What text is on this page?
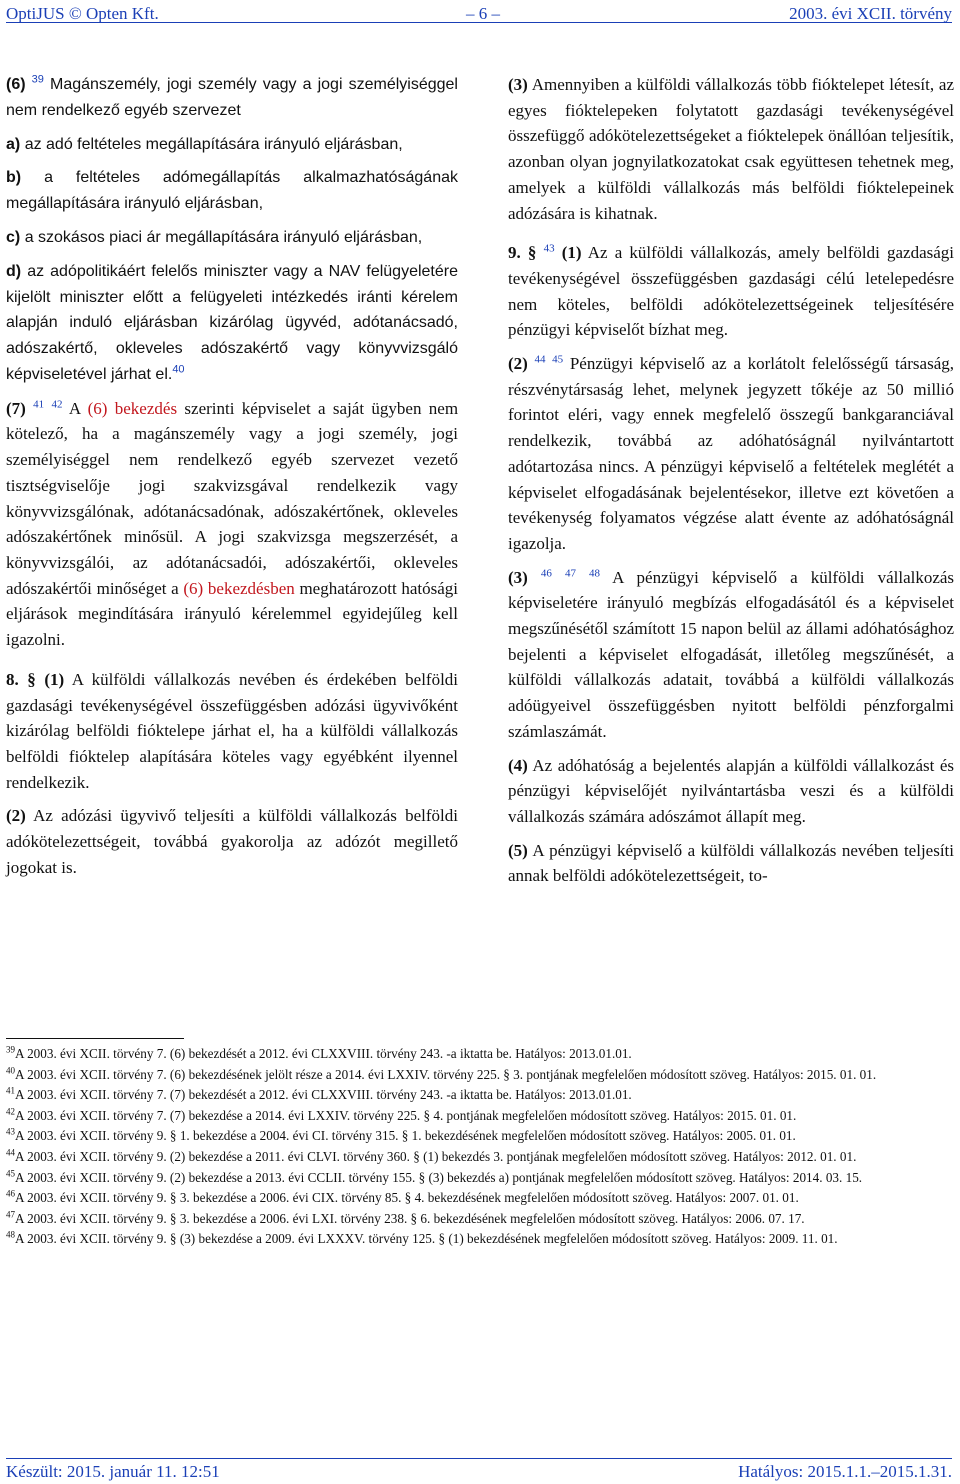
OptiJUS © Opten Kft.	– 6 –	2003. évi XCII. törvény

(6) $^{39}$ Magánszemély, jogi személy vagy a jogi személyiséggel nem rendelkező egyéb szervezet

a) az adó feltételes megállapítására irányuló eljárásban,

b) a feltételes adómegállapítás alkalmazhatóságának megállapítására irányuló eljárásban,

c) a szokásos piaci ár megállapítására irányuló eljárásban,

d) az adópolitikáért felelős miniszter vagy a NAV felügyeletére kijelölt miniszter előtt a felügyeleti intézkedés iránti kérelem alapján induló eljárásban kizárólag ügyvéd, adótanácsadó, adószakértő, okleveles adószakértő vagy könyvvizsgáló képviseletével járhat el.$^{40}$

(7) $^{41}$ $^{42}$ A (6) bekezdés szerinti képviselet a saját ügyben nem kötelező, ha a magánszemély vagy a jogi személy, jogi személyiséggel nem rendelkező egyéb szervezet vezető tisztségviselője jogi szakvizsgával rendelkezik vagy könyvvizsgálónak, adótanácsadónak, adószakértőnek, okleveles adószakértőnek minősül. A jogi szakvizsga megszerzését, a könyvvizsgálói, az adótanácsadói, adószakértői, okleveles adószakértői minőséget a (6) bekezdésben meghatározott hatósági eljárások megindítására irányuló kérelemmel egyidejűleg kell igazolni.

8. § (1) A külföldi vállalkozás nevében és érdekében belföldi gazdasági tevékenységével összefüggésben adózási ügyvivőként kizárólag belföldi fióktelepe járhat el, ha a külföldi vállalkozás belföldi fióktelep alapítására köteles vagy egyébként ilyennel rendelkezik.

(2) Az adózási ügyvivő teljesíti a külföldi vállalkozás belföldi adókötelezettségeit, továbbá gyakorolja az adózót megillető jogokat is.

(3) Amennyiben a külföldi vállalkozás több fióktelepet létesít, az egyes fióktelepeken folytatott gazdasági tevékenységével összefüggő adókötelezettségeket a fióktelepek önállóan teljesítik, azonban olyan jognyilatkozatokat csak együttesen tehetnek meg, amelyek a külföldi vállalkozás más belföldi fióktelepeinek adózására is kihatnak.

9. § $^{43}$ (1) Az a külföldi vállalkozás, amely belföldi gazdasági tevékenységével összefüggésben gazdasági célú letelepedésre nem köteles, belföldi adókötelezettségeinek teljesítésére pénzügyi képviselőt bízhat meg.

(2) $^{44}$ $^{45}$ Pénzügyi képviselő az a korlátolt felelősségű társaság, részvénytársaság lehet, melynek jegyzett tőkéje az 50 millió forintot eléri, vagy ennek megfelelő összegű bankgaranciával rendelkezik, továbbá az adóhatóságnál nyilvántartott adótartozása nincs. A pénzügyi képviselő a feltételek meglétét a képviselet elfogadásának bejelentésekor, illetve ezt követően a tevékenység folyamatos végzése alatt évente az adóhatóságnál igazolja.

(3) $^{46}$ $^{47}$ $^{48}$ A pénzügyi képviselő a külföldi vállalkozás képviseletére irányuló megbízás elfogadásától és a képviselet megszűnésétől számított 15 napon belül az állami adóhatósághoz bejelenti a képviselet elfogadását, illetőleg megszűnését, a külföldi vállalkozás adatait, továbbá a külföldi vállalkozás adóügyeivel összefüggésben nyitott belföldi pénzforgalmi számlaszámát.

(4) Az adóhatóság a bejelentés alapján a külföldi vállalkozást és pénzügyi képviselőjét nyilvántartásba veszi és a külföldi vállalkozás számára adószámot állapít meg.

(5) A pénzügyi képviselő a külföldi vállalkozás nevében teljesíti annak belföldi adókötelezettségeit, to-

$^{39}$A 2003. évi XCII. törvény 7. (6) bekezdését a 2012. évi CLXXVIII. törvény 243. -a iktatta be. Hatályos: 2013.01.01.

$^{40}$A 2003. évi XCII. törvény 7. (6) bekezdésének jelölt része a 2014. évi LXXIV. törvény 225. § 3. pontjának megfelelően módosított szöveg. Hatályos: 2015. 01. 01.

$^{41}$A 2003. évi XCII. törvény 7. (7) bekezdését a 2012. évi CLXXVIII. törvény 243. -a iktatta be. Hatályos: 2013.01.01.

$^{42}$A 2003. évi XCII. törvény 7. (7) bekezdése a 2014. évi LXXIV. törvény 225. § 4. pontjának megfelelően módosított szöveg. Hatályos: 2015. 01. 01.

$^{43}$A 2003. évi XCII. törvény 9. § 1. bekezdése a 2004. évi CI. törvény 315. § 1. bekezdésének megfelelően módosított szöveg. Hatályos: 2005. 01. 01.

$^{44}$A 2003. évi XCII. törvény 9. (2) bekezdése a 2011. évi CLVI. törvény 360. § (1) bekezdés 3. pontjának megfelelően módosított szöveg. Hatályos: 2012. 01. 01.

$^{45}$A 2003. évi XCII. törvény 9. (2) bekezdése a 2013. évi CCLII. törvény 155. § (3) bekezdés a) pontjának megfelelően módosított szöveg. Hatályos: 2014. 03. 15.

$^{46}$A 2003. évi XCII. törvény 9. § 3. bekezdése a 2006. évi CIX. törvény 85. § 4. bekezdésének megfelelően módosított szöveg. Hatályos: 2007. 01. 01.

$^{47}$A 2003. évi XCII. törvény 9. § 3. bekezdése a 2006. évi LXI. törvény 238. § 6. bekezdésének megfelelően módosított szöveg. Hatályos: 2006. 07. 17.

$^{48}$A 2003. évi XCII. törvény 9. § (3) bekezdése a 2009. évi LXXXV. törvény 125. § (1) bekezdésének megfelelően módosított szöveg. Hatályos: 2009. 11. 01.

Készült: 2015. január 11. 12:51	Hatályos: 2015.1.1.–2015.1.31.
